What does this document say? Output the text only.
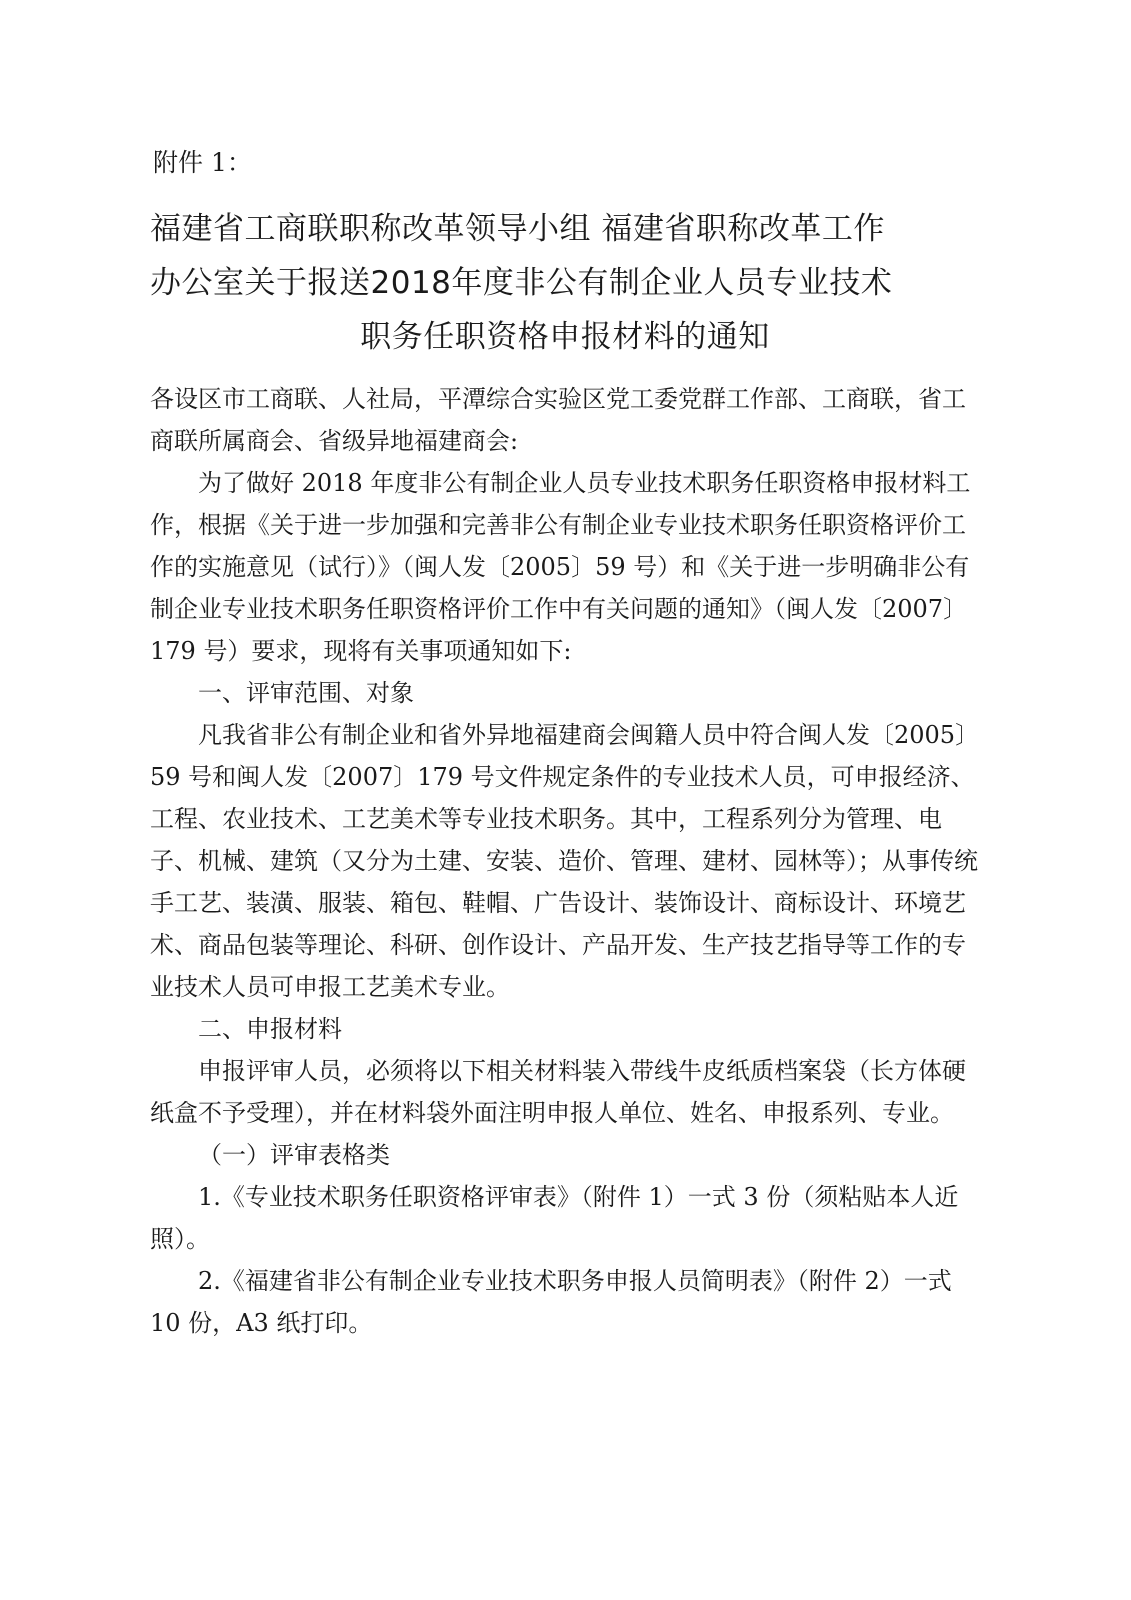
附件 1：
福建省工商联职称改革领导小组 福建省职称改革工作
办公室关于报送2018年度非公有制企业人员专业技术
职务任职资格申报材料的通知

各设区市工商联、人社局，平潭综合实验区党工委党群工作部、工商联，省工商联所属商会、省级异地福建商会:

为了做好 2018 年度非公有制企业人员专业技术职务任职资格申报材料工作，根据《关于进一步加强和完善非公有制企业专业技术职务任职资格评价工作的实施意见（试行）》（闽人发〔2005〕59 号）和《关于进一步明确非公有制企业专业技术职务任职资格评价工作中有关问题的通知》（闽人发〔2007〕179 号）要求，现将有关事项通知如下:

一、评审范围、对象

凡我省非公有制企业和省外异地福建商会闽籍人员中符合闽人发〔2005〕59 号和闽人发〔2007〕179 号文件规定条件的专业技术人员，可申报经济、工程、农业技术、工艺美术等专业技术职务。其中，工程系列分为管理、电子、机械、建筑（又分为土建、安装、造价、管理、建材、园林等）；从事传统手工艺、装潢、服装、箱包、鞋帽、广告设计、装饰设计、商标设计、环境艺术、商品包装等理论、科研、创作设计、产品开发、生产技艺指导等工作的专业技术人员可申报工艺美术专业。

二、申报材料

申报评审人员，必须将以下相关材料装入带线牛皮纸质档案袋（长方体硬纸盒不予受理），并在材料袋外面注明申报人单位、姓名、申报系列、专业。

（一）评审表格类

1.《专业技术职务任职资格评审表》（附件 1）一式 3 份（须粘贴本人近照）。

2.《福建省非公有制企业专业技术职务申报人员简明表》（附件 2）一式 10 份，A3 纸打印。
